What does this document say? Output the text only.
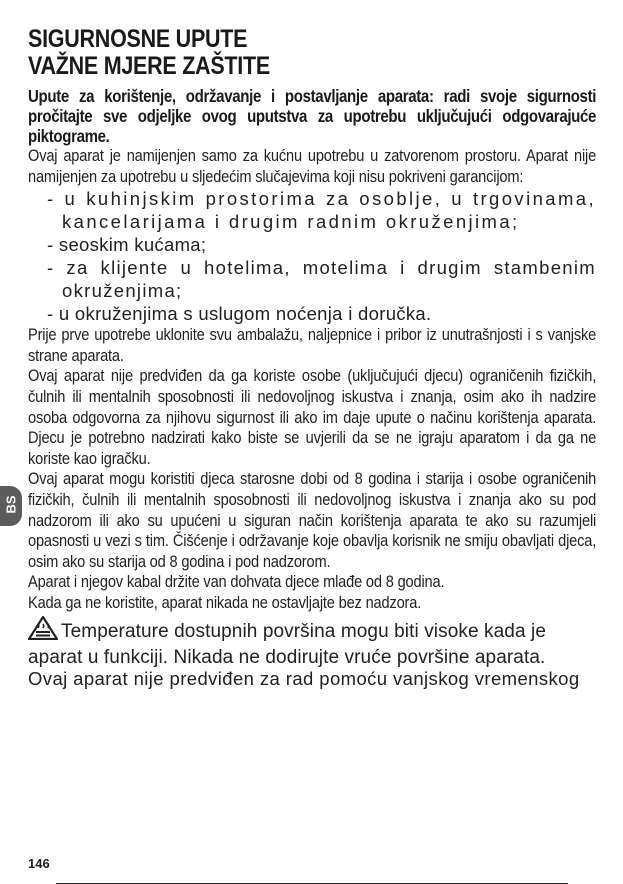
SIGURNOSNE UPUTE
VAŽNE MJERE ZAŠTITE

Upute za korištenje, održavanje i postavljanje aparata: radi svoje sigurnosti pročitajte sve odjeljke ovog uputstva za upotrebu uključujući odgovarajuće piktograme.

Ovaj aparat je namijenjen samo za kućnu upotrebu u zatvorenom prostoru. Aparat nije namijenjen za upotrebu u sljedećim slučajevima koji nisu pokriveni garancijom:

- u kuhinjskim prostorima za osoblje, u trgovinama, kancelarijama i drugim radnim okruženjima;
- seoskim kućama;
- za klijente u hotelima, motelima i drugim stambenim okruženjima;
- u okruženjima s uslugom noćenja i doručka.

Prije prve upotrebe uklonite svu ambalažu, naljepnice i pribor iz unutrašnjosti i s vanjske strane aparata.

Ovaj aparat nije predviđen da ga koriste osobe (uključujući djecu) ograničenih fizičkih, čulnih ili mentalnih sposobnosti ili nedovoljnog iskustva i znanja, osim ako ih nadzire osoba odgovorna za njihovu sigurnost ili ako im daje upute o načinu korištenja aparata. Djecu je potrebno nadzirati kako biste se uvjerili da se ne igraju aparatom i da ga ne koriste kao igračku.

Ovaj aparat mogu koristiti djeca starosne dobi od 8 godina i starija i osobe ograničenih fizičkih, čulnih ili mentalnih sposobnosti ili nedovoljnog iskustva i znanja ako su pod nadzorom ili ako su upućeni u siguran način korištenja aparata te ako su razumjeli opasnosti u vezi s tim. Čišćenje i održavanje koje obavlja korisnik ne smiju obavljati djeca, osim ako su starija od 8 godina i pod nadzorom.

Aparat i njegov kabal držite van dohvata djece mlađe od 8 godina.

Kada ga ne koristite, aparat nikada ne ostavljajte bez nadzora.

Temperature dostupnih površina mogu biti visoke kada je aparat u funkciji. Nikada ne dodirujte vruće površine aparata.

Ovaj aparat nije predviđen za rad pomoću vanjskog vremenskog

BS
146
